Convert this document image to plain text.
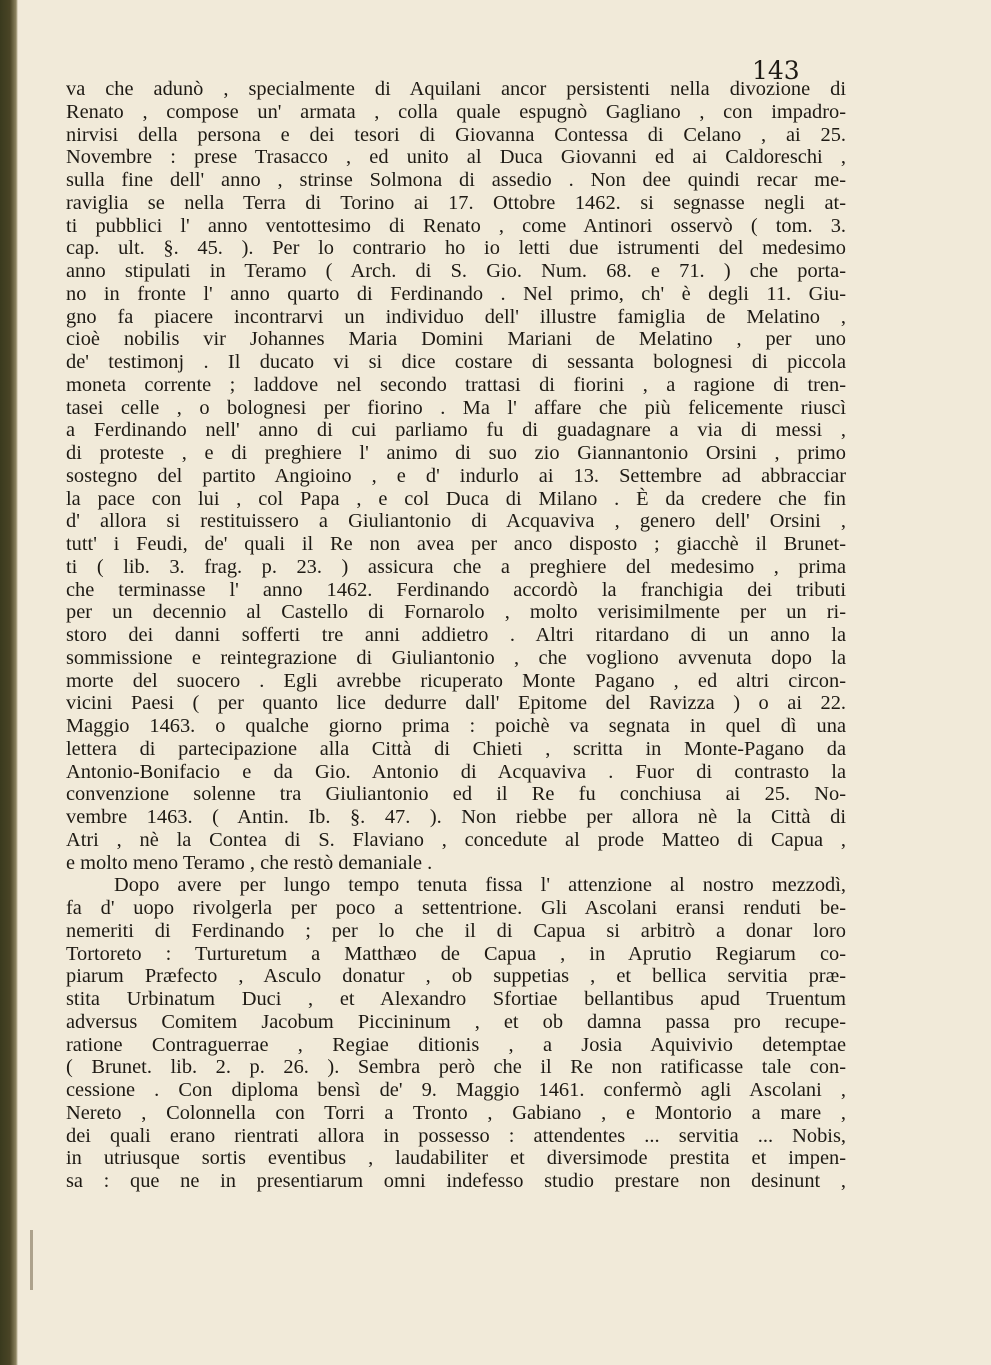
143

va che adunò , specialmente di Aquilani ancor persistenti nella divozione di
Renato , compose un' armata , colla quale espugnò Gagliano , con impadro-
nirvisi della persona e dei tesori di Giovanna Contessa di Celano , ai 25.
Novembre : prese Trasacco , ed unito al Duca Giovanni ed ai Caldoreschi ,
sulla fine dell' anno , strinse Solmona di assedio . Non dee quindi recar me-
raviglia se nella Terra di Torino ai 17. Ottobre 1462. si segnasse negli at-
ti pubblici l' anno ventottesimo di Renato , come Antinori osservò ( tom. 3.
cap. ult. §. 45. ). Per lo contrario ho io letti due istrumenti del medesimo
anno stipulati in Teramo ( Arch. di S. Gio. Num. 68. e 71. ) che porta-
no in fronte l' anno quarto di Ferdinando . Nel primo, ch' è degli 11. Giu-
gno fa piacere incontrarvi un individuo dell' illustre famiglia de Melatino ,
cioè nobilis vir Johannes Maria Domini Mariani de Melatino , per uno
de' testimonj . Il ducato vi si dice costare di sessanta bolognesi di piccola
moneta corrente ; laddove nel secondo trattasi di fiorini , a ragione di tren-
tasei celle , o bolognesi per fiorino . Ma l' affare che più felicemente riuscì
a Ferdinando nell' anno di cui parliamo fu di guadagnare a via di messi ,
di proteste , e di preghiere l' animo di suo zio Giannantonio Orsini , primo
sostegno del partito Angioino , e d' indurlo ai 13. Settembre ad abbracciar
la pace con lui , col Papa , e col Duca di Milano . È da credere che fin
d' allora si restituissero a Giuliantonio di Acquaviva , genero dell' Orsini ,
tutt' i Feudi, de' quali il Re non avea per anco disposto ; giacchè il Brunet-
ti ( lib. 3. frag. p. 23. ) assicura che a preghiere del medesimo , prima
che terminasse l' anno 1462. Ferdinando accordò la franchigia dei tributi
per un decennio al Castello di Fornarolo , molto verisimilmente per un ri-
storo dei danni sofferti tre anni addietro . Altri ritardano di un anno la
sommissione e reintegrazione di Giuliantonio , che vogliono avvenuta dopo la
morte del suocero . Egli avrebbe ricuperato Monte Pagano , ed altri circon-
vicini Paesi ( per quanto lice dedurre dall' Epitome del Ravizza ) o ai 22.
Maggio 1463. o qualche giorno prima : poichè va segnata in quel dì una
lettera di partecipazione alla Città di Chieti , scritta in Monte-Pagano da
Antonio-Bonifacio e da Gio. Antonio di Acquaviva . Fuor di contrasto la
convenzione solenne tra Giuliantonio ed il Re fu conchiusa ai 25. No-
vembre 1463. ( Antin. Ib. §. 47. ). Non riebbe per allora nè la Città di
Atri , nè la Contea di S. Flaviano , concedute al prode Matteo di Capua ,
e molto meno Teramo , che restò demaniale .
Dopo avere per lungo tempo tenuta fissa l' attenzione al nostro mezzodì,
fa d' uopo rivolgerla per poco a settentrione. Gli Ascolani eransi renduti be-
nemeriti di Ferdinando ; per lo che il di Capua si arbitrò a donar loro
Tortoreto : Turturetum a Matthæo de Capua , in Aprutio Regiarum co-
piarum Præfecto , Asculo donatur , ob suppetias , et bellica servitia præ-
stita Urbinatum Duci , et Alexandro Sfortiae bellantibus apud Truentum
adversus Comitem Jacobum Piccininum , et ob damna passa pro recupe-
ratione Contraguerrae , Regiae ditionis , a Josia Aquivivio detemptae
( Brunet. lib. 2. p. 26. ). Sembra però che il Re non ratificasse tale con-
cessione . Con diploma bensì de' 9. Maggio 1461. confermò agli Ascolani ,
Nereto , Colonnella con Torri a Tronto , Gabiano , e Montorio a mare ,
dei quali erano rientrati allora in possesso : attendentes ... servitia ... Nobis,
in utriusque sortis eventibus , laudabiliter et diversimode prestita et impen-
sa : que ne in presentiarum omni indefesso studio prestare non desinunt ,
